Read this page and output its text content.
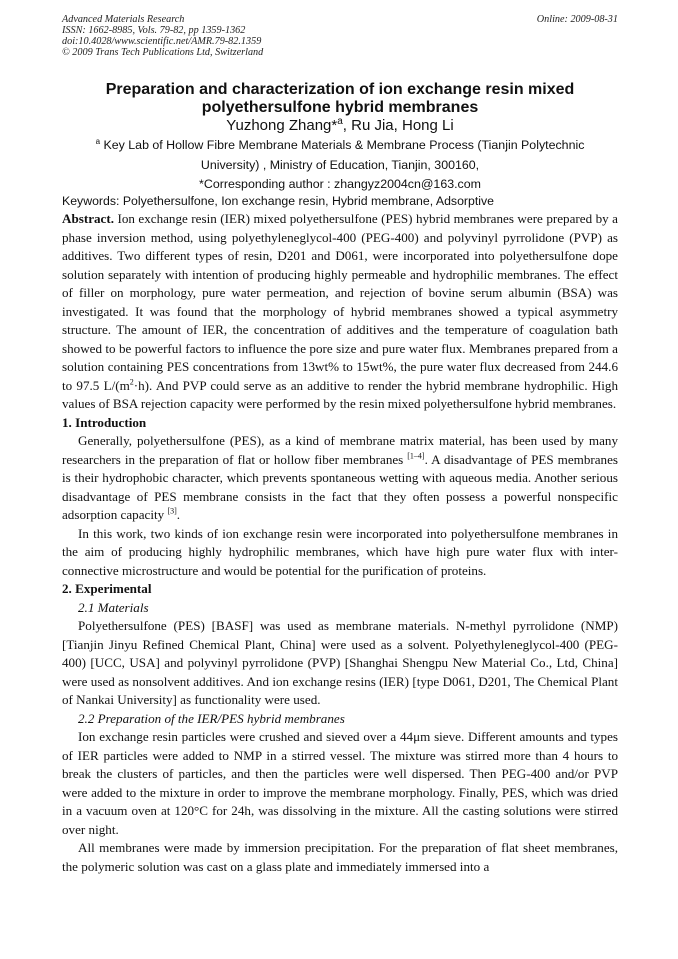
Advanced Materials Research
ISSN: 1662-8985, Vols. 79-82, pp 1359-1362
doi:10.4028/www.scientific.net/AMR.79-82.1359
© 2009 Trans Tech Publications Ltd, Switzerland
Online: 2009-08-31
Preparation and characterization of ion exchange resin mixed polyethersulfone hybrid membranes
Yuzhong Zhang*$^a$, Ru Jia, Hong Li
$^a$ Key Lab of Hollow Fibre Membrane Materials & Membrane Process (Tianjin Polytechnic
University) , Ministry of Education, Tianjin, 300160,
*Corresponding author : zhangyz2004cn@163.com
Keywords: Polyethersulfone, Ion exchange resin, Hybrid membrane, Adsorptive

Abstract. Ion exchange resin (IER) mixed polyethersulfone (PES) hybrid membranes were prepared by a phase inversion method, using polyethyleneglycol-400 (PEG-400) and polyvinyl pyrrolidone (PVP) as additives. Two different types of resin, D201 and D061, were incorporated into polyethersulfone dope solution separately with intention of producing highly permeable and hydrophilic membranes. The effect of filler on morphology, pure water permeation, and rejection of bovine serum albumin (BSA) was investigated. It was found that the morphology of hybrid membranes showed a typical asymmetry structure. The amount of IER, the concentration of additives and the temperature of coagulation bath showed to be powerful factors to influence the pore size and pure water flux. Membranes prepared from a solution containing PES concentrations from 13wt% to 15wt%, the pure water flux decreased from 244.6 to 97.5 $L/(m^2\cdot h)$. And PVP could serve as an additive to render the hybrid membrane hydrophilic. High values of BSA rejection capacity were performed by the resin mixed polyethersulfone hybrid membranes.

1. Introduction

Generally, polyethersulfone (PES), as a kind of membrane matrix material, has been used by many researchers in the preparation of flat or hollow fiber membranes [1–4]. A disadvantage of PES membranes is their hydrophobic character, which prevents spontaneous wetting with aqueous media. Another serious disadvantage of PES membrane consists in the fact that they often possess a powerful nonspecific adsorption capacity [3].

In this work, two kinds of ion exchange resin were incorporated into polyethersulfone membranes in the aim of producing highly hydrophilic membranes, which have high pure water flux with inter-connective microstructure and would be potential for the purification of proteins.

2. Experimental

2.1 Materials

Polyethersulfone (PES) [BASF] was used as membrane materials. N-methyl pyrrolidone (NMP) [Tianjin Jinyu Refined Chemical Plant, China] were used as a solvent. Polyethyleneglycol-400 (PEG-400) [UCC, USA] and polyvinyl pyrrolidone (PVP) [Shanghai Shengpu New Material Co., Ltd, China] were used as nonsolvent additives. And ion exchange resins (IER) [type D061, D201, The Chemical Plant of Nankai University] as functionality were used.

2.2 Preparation of the IER/PES hybrid membranes

Ion exchange resin particles were crushed and sieved over a 44μm sieve. Different amounts and types of IER particles were added to NMP in a stirred vessel. The mixture was stirred more than 4 hours to break the clusters of particles, and then the particles were well dispersed. Then PEG-400 and/or PVP were added to the mixture in order to improve the membrane morphology. Finally, PES, which was dried in a vacuum oven at 120°C for 24h, was dissolving in the mixture. All the casting solutions were stirred over night.

All membranes were made by immersion precipitation. For the preparation of flat sheet membranes, the polymeric solution was cast on a glass plate and immediately immersed into a
